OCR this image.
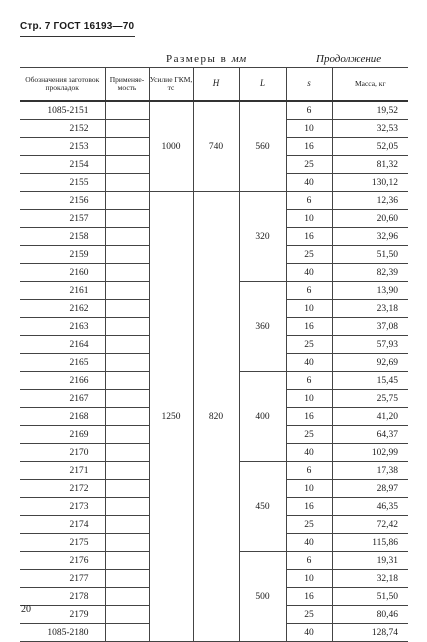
Стр. 7 ГОСТ 16193—70
Размеры в мм	Продолжение
Обозначения заготовок прокладок	Применяе-мость	Усилие ГКМ, тс	H	L	s	Масса, кг
1085-2151		1000	740	560	6	19,52
2152					10	32,53
2153					16	52,05
2154					25	81,32
2155					40	130,12
2156		1250	820	320	6	12,36
2157					10	20,60
2158					16	32,96
2159					25	51,50
2160					40	82,39
2161				360	6	13,90
2162					10	23,18
2163					16	37,08
2164					25	57,93
2165					40	92,69
2166				400	6	15,45
2167					10	25,75
2168					16	41,20
2169					25	64,37
2170					40	102,99
2171				450	6	17,38
2172					10	28,97
2173					16	46,35
2174					25	72,42
2175					40	115,86
2176				500	6	19,31
2177					10	32,18
2178					16	51,50
2179					25	80,46
1085-2180					40	128,74
20
